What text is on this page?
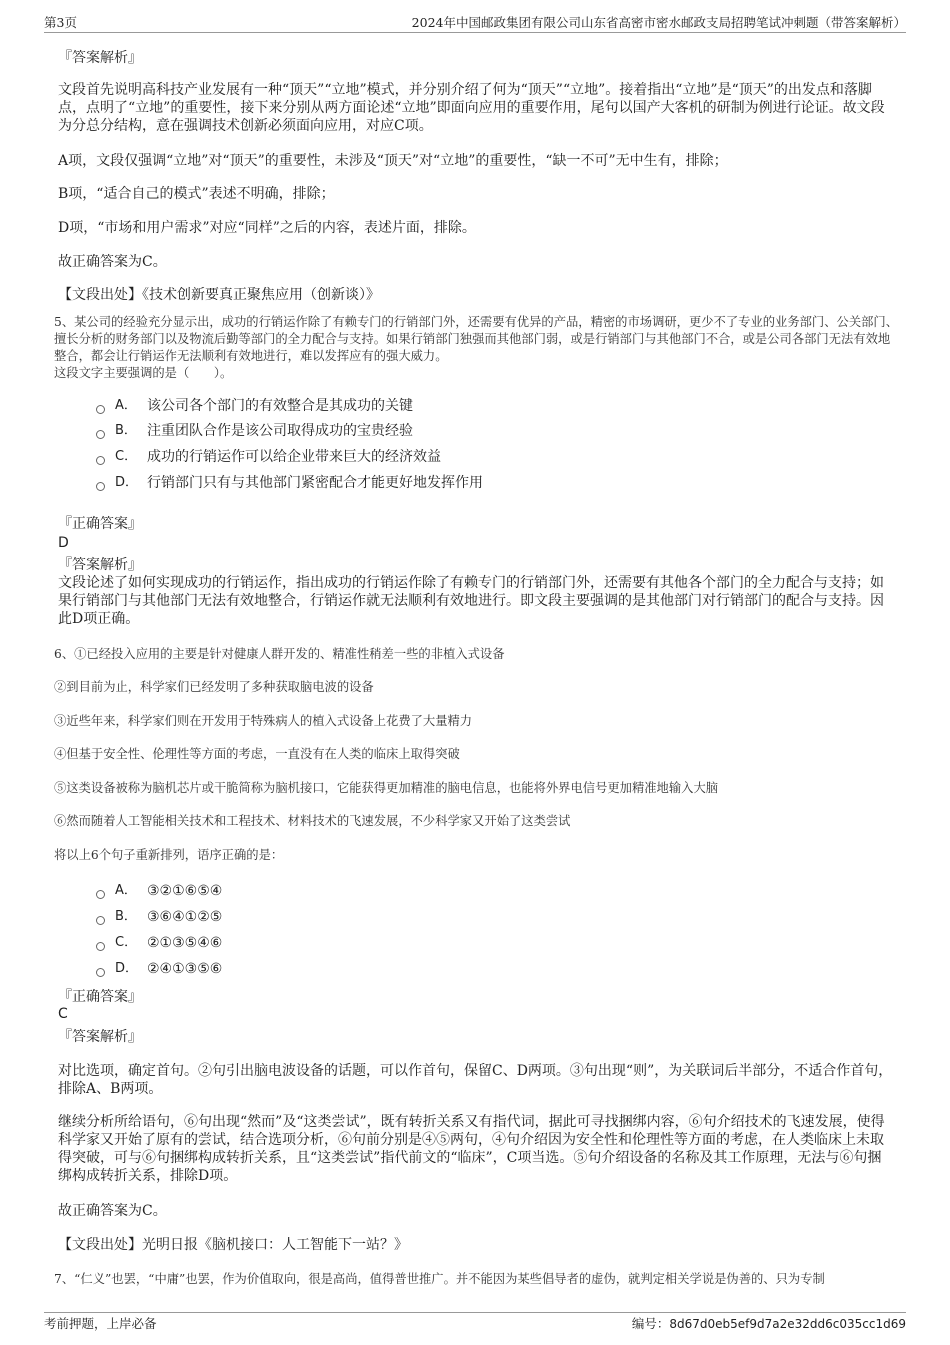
第3页	2024年中国邮政集团有限公司山东省高密市密水邮政支局招聘笔试冲刺题（带答案解析）
『答案解析』
文段首先说明高科技产业发展有一种“顶天”“立地”模式，并分别介绍了何为“顶天”“立地”。接着指出“立地”是“顶天”的出发点和落脚点，点明了“立地”的重要性，接下来分别从两方面论述“立地”即面向应用的重要作用，尾句以国产大客机的研制为例进行论证。故文段为分总分结构，意在强调技术创新必须面向应用，对应C项。
A项，文段仅强调“立地”对“顶天”的重要性，未涉及“顶天”对“立地”的重要性，“缺一不可”无中生有，排除；
B项，“适合自己的模式”表述不明确，排除；
D项，“市场和用户需求”对应“同样”之后的内容，表述片面，排除。
故正确答案为C。
【文段出处】《技术创新要真正聚焦应用（创新谈）》
5、某公司的经验充分显示出，成功的行销运作除了有赖专门的行销部门外，还需要有优异的产品，精密的市场调研，更少不了专业的业务部门、公关部门、擅长分析的财务部门以及物流后勤等部门的全力配合与支持。如果行销部门独强而其他部门弱，或是行销部门与其他部门不合，或是公司各部门无法有效地整合，都会让行销运作无法顺利有效地进行，难以发挥应有的强大威力。
这段文字主要强调的是（　　）。
A． 该公司各个部门的有效整合是其成功的关键
B． 注重团队合作是该公司取得成功的宝贵经验
C． 成功的行销运作可以给企业带来巨大的经济效益
D． 行销部门只有与其他部门紧密配合才能更好地发挥作用
『正确答案』
D
『答案解析』
文段论述了如何实现成功的行销运作，指出成功的行销运作除了有赖专门的行销部门外，还需要有其他各个部门的全力配合与支持；如果行销部门与其他部门无法有效地整合，行销运作就无法顺利有效地进行。即文段主要强调的是其他部门对行销部门的配合与支持。因此D项正确。
6、①已经投入应用的主要是针对健康人群开发的、精准性稍差一些的非植入式设备
②到目前为止，科学家们已经发明了多种获取脑电波的设备
③近些年来，科学家们则在开发用于特殊病人的植入式设备上花费了大量精力
④但基于安全性、伦理性等方面的考虑，一直没有在人类的临床上取得突破
⑤这类设备被称为脑机芯片或干脆简称为脑机接口，它能获得更加精准的脑电信息，也能将外界电信号更加精准地输入大脑
⑥然而随着人工智能相关技术和工程技术、材料技术的飞速发展，不少科学家又开始了这类尝试
将以上6个句子重新排列，语序正确的是：
A． ③②①⑥⑤④
B． ③⑥④①②⑤
C． ②①③⑤④⑥
D． ②④①③⑤⑥
『正确答案』
C
『答案解析』
对比选项，确定首句。②句引出脑电波设备的话题，可以作首句，保留C、D两项。③句出现“则”，为关联词后半部分，不适合作首句，排除A、B两项。
继续分析所给语句，⑥句出现“然而”及“这类尝试”，既有转折关系又有指代词，据此可寻找捆绑内容，⑥句介绍技术的飞速发展，使得科学家又开始了原有的尝试，结合选项分析，⑥句前分别是④⑤两句，④句介绍因为安全性和伦理性等方面的考虑，在人类临床上未取得突破，可与⑥句捆绑构成转折关系，且“这类尝试”指代前文的“临床”，C项当选。⑤句介绍设备的名称及其工作原理，无法与⑥句捆绑构成转折关系，排除D项。
故正确答案为C。
【文段出处】光明日报《脑机接口：人工智能下一站？》
7、“仁义”也罢，“中庸”也罢，作为价值取向，很是高尚，值得普世推广。并不能因为某些倡导者的虚伪，就判定相关学说是伪善的、只为专制
考前押题，上岸必备	编号：8d67d0eb5ef9d7a2e32dd6c035cc1d69
